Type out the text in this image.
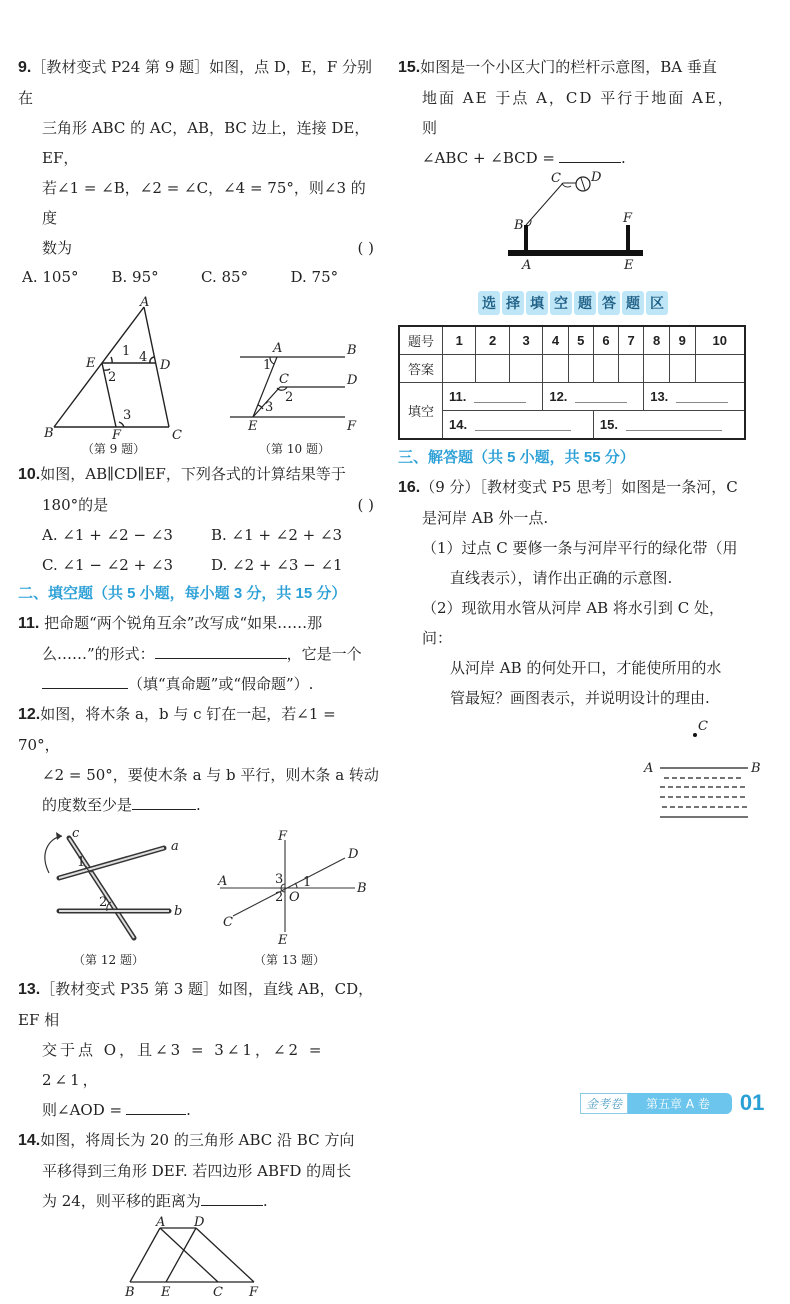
9.［教材变式 P24 第 9 题］如图，点 D，E，F 分别在

三角形 ABC 的 AC，AB，BC 边上，连接 DE，EF，

若∠1 = ∠B，∠2 = ∠C，∠4 = 75°，则∠3 的度

数为	( )

A. 105°	B. 95°	C. 85°	D. 75°
A
E	D
B	F	C
1 4
2
3
（第 9 题）
A	B
C	D
E	F
1
2
3
（第 10 题）

10.如图，AB∥CD∥EF，下列各式的计算结果等于

180°的是	( )

A. ∠1 + ∠2 − ∠3	B. ∠1 + ∠2 + ∠3
C. ∠1 − ∠2 + ∠3	D. ∠2 + ∠3 − ∠1
二、填空题（共 5 小题，每小题 3 分，共 15 分）

11. 把命题“两个锐角互余”改写成“如果……那

么……”的形式：	，它是一个

（填“真命题”或“假命题”）.

12.如图，将木条 a，b 与 c 钉在一起，若∠1 = 70°，

∠2 = 50°，要使木条 a 与 b 平行，则木条 a 转动

的度数至少是	.

c
a
b
1
2
（第 12 题）
F
D
A	B
O
C
E
3
2
1
（第 13 题）

13.［教材变式 P35 第 3 题］如图，直线 AB，CD，EF 相

交于点 O，且∠3 = 3∠1，∠2 = 2∠1，

则∠AOD =	.

14.如图，将周长为 20 的三角形 ABC 沿 BC 方向

平移得到三角形 DEF. 若四边形 ABFD 的周长

为 24，则平移的距离为	.

A D
B E	C F

15.如图是一个小区大门的栏杆示意图，BA 垂直

地面 AE 于点 A，CD 平行于地面 AE，则

∠ABC + ∠BCD =	.

C D
B	F
A	E
选 择 填 空 题 答 题 区
题号	1	2	3	4	5	6	7	8	9	10
答案										
填空	11.			12.				13.		

	14.					15.				
三、解答题（共 5 小题，共 55 分）

16.（9 分）［教材变式 P5 思考］如图是一条河，C

是河岸 AB 外一点.

（1）过点 C 要修一条与河岸平行的绿化带（用

直线表示），请作出正确的示意图.

（2）现欲用水管从河岸 AB 将水引到 C 处，问：

从河岸 AB 的何处开口，才能使所用的水

管最短？画图表示，并说明设计的理由.

C
A	B
金考卷	第五章 A 卷	01
